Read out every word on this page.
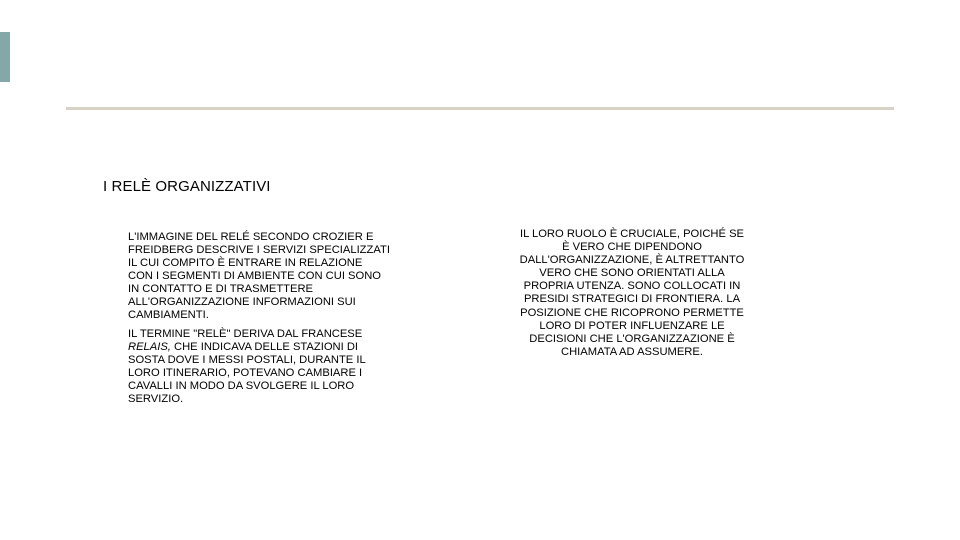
I RELÈ ORGANIZZATIVI

L'IMMAGINE DEL RELÉ SECONDO CROZIER E FREIDBERG DESCRIVE I SERVIZI SPECIALIZZATI IL CUI COMPITO È ENTRARE IN RELAZIONE CON I SEGMENTI DI AMBIENTE CON CUI SONO IN CONTATTO E DI TRASMETTERE ALL'ORGANIZZAZIONE INFORMAZIONI SUI CAMBIAMENTI.

IL TERMINE "RELÈ" DERIVA DAL FRANCESE RELAIS, CHE INDICAVA DELLE STAZIONI DI SOSTA DOVE I MESSI POSTALI, DURANTE IL LORO ITINERARIO, POTEVANO CAMBIARE I CAVALLI IN MODO DA SVOLGERE IL LORO SERVIZIO.

IL LORO RUOLO È CRUCIALE, POICHÉ SE È VERO CHE DIPENDONO DALL'ORGANIZZAZIONE, È ALTRETTANTO VERO CHE SONO ORIENTATI ALLA PROPRIA UTENZA. SONO COLLOCATI IN PRESIDI STRATEGICI DI FRONTIERA. LA POSIZIONE CHE RICOPRONO PERMETTE LORO DI POTER INFLUENZARE LE DECISIONI CHE L'ORGANIZZAZIONE È CHIAMATA AD ASSUMERE.
